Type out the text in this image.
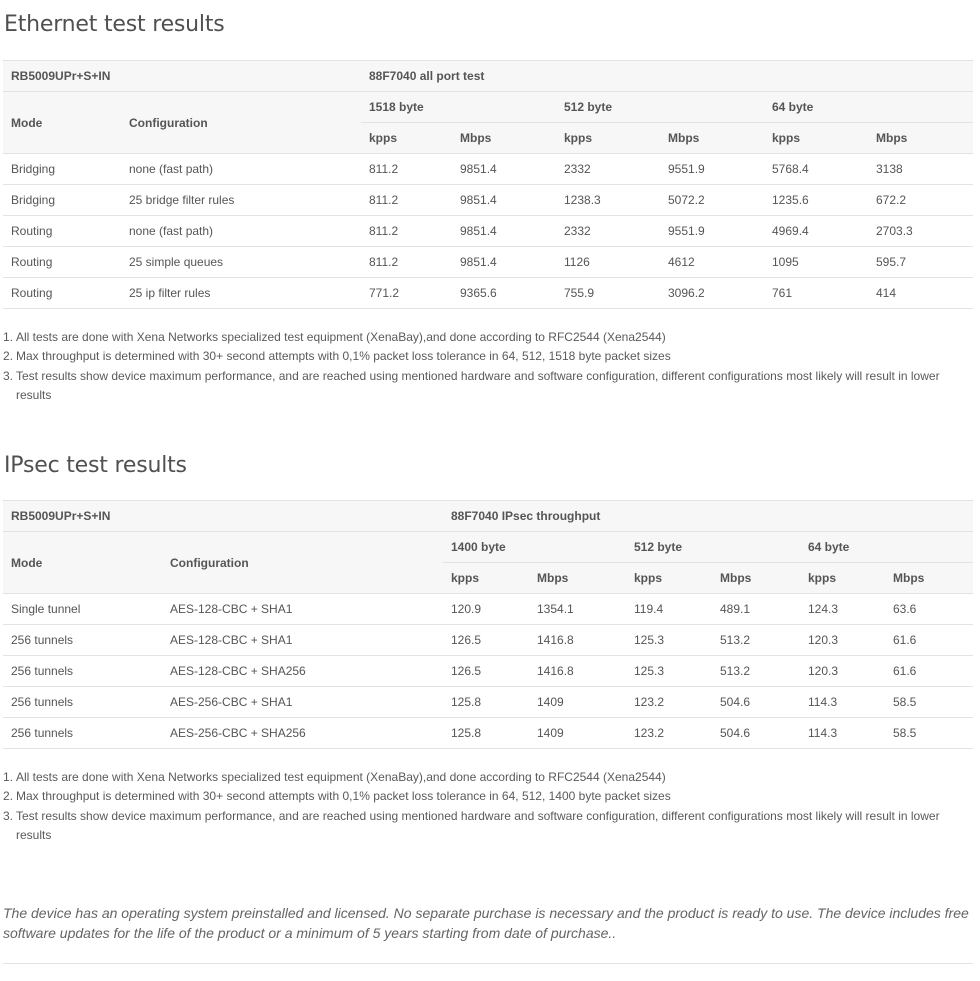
Ethernet test results
RB5009UPr+S+IN		88F7040 all port test					
Mode	Configuration	1518 byte		512 byte		64 byte	
		kpps	Mbps	kpps	Mbps	kpps	Mbps
Bridging	none (fast path)	811.2	9851.4	2332	9551.9	5768.4	3138
Bridging	25 bridge filter rules	811.2	9851.4	1238.3	5072.2	1235.6	672.2
Routing	none (fast path)	811.2	9851.4	2332	9551.9	4969.4	2703.3
Routing	25 simple queues	811.2	9851.4	1126	4612	1095	595.7
Routing	25 ip filter rules	771.2	9365.6	755.9	3096.2	761	414
1. All tests are done with Xena Networks specialized test equipment (XenaBay),and done according to RFC2544 (Xena2544)
2. Max throughput is determined with 30+ second attempts with 0,1% packet loss tolerance in 64, 512, 1518 byte packet sizes
3. Test results show device maximum performance, and are reached using mentioned hardware and software configuration, different configurations most likely will result in lower results
IPsec test results
RB5009UPr+S+IN		88F7040 IPsec throughput					
Mode	Configuration	1400 byte		512 byte		64 byte	
		kpps	Mbps	kpps	Mbps	kpps	Mbps
Single tunnel	AES-128-CBC + SHA1	120.9	1354.1	119.4	489.1	124.3	63.6
256 tunnels	AES-128-CBC + SHA1	126.5	1416.8	125.3	513.2	120.3	61.6
256 tunnels	AES-128-CBC + SHA256	126.5	1416.8	125.3	513.2	120.3	61.6
256 tunnels	AES-256-CBC + SHA1	125.8	1409	123.2	504.6	114.3	58.5
256 tunnels	AES-256-CBC + SHA256	125.8	1409	123.2	504.6	114.3	58.5
1. All tests are done with Xena Networks specialized test equipment (XenaBay),and done according to RFC2544 (Xena2544)
2. Max throughput is determined with 30+ second attempts with 0,1% packet loss tolerance in 64, 512, 1400 byte packet sizes
3. Test results show device maximum performance, and are reached using mentioned hardware and software configuration, different configurations most likely will result in lower results

The device has an operating system preinstalled and licensed. No separate purchase is necessary and the product is ready to use. The device includes free software updates for the life of the product or a minimum of 5 years starting from date of purchase..
